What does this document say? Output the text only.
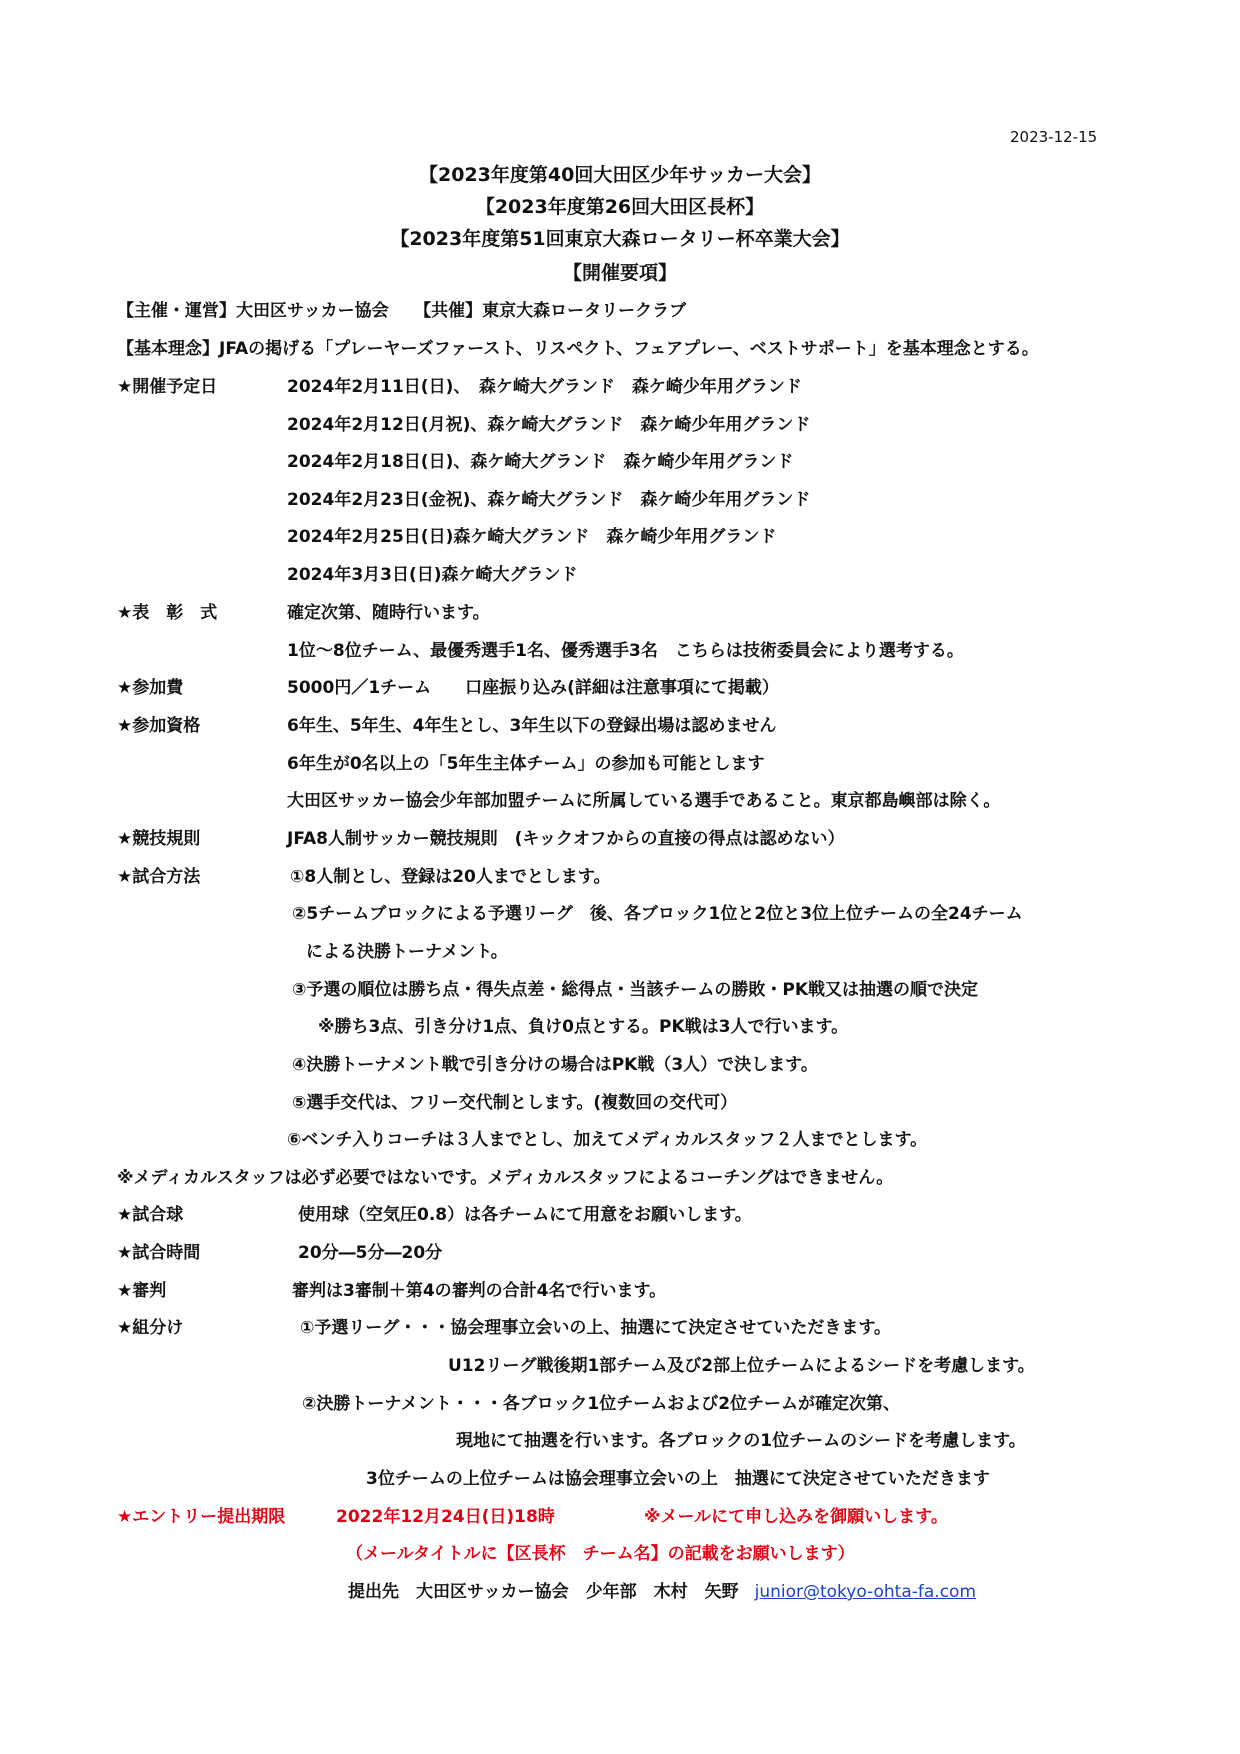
2023-12-15
【2023年度第40回大田区少年サッカー大会】
【2023年度第26回大田区長杯】
【2023年度第51回東京大森ロータリー杯卒業大会】
【開催要項】
【主催・運営】大田区サッカー協会　　【共催】東京大森ロータリークラブ
【基本理念】JFAの掲げる「プレーヤーズファースト、リスペクト、フェアプレー、ベストサポート」を基本理念とする。
★開催予定日	2024年2月11日(日)、　森ケ崎大グランド　森ケ崎少年用グランド
2024年2月12日(月祝)、森ケ崎大グランド　森ケ崎少年用グランド
2024年2月18日(日)、森ケ崎大グランド　森ケ崎少年用グランド
2024年2月23日(金祝)、森ケ崎大グランド　森ケ崎少年用グランド
2024年2月25日(日)森ケ崎大グランド　森ケ崎少年用グランド
2024年3月3日(日)森ケ崎大グランド
★表　彰　式	確定次第、随時行います。
1位～8位チーム、最優秀選手1名、優秀選手3名　こちらは技術委員会により選考する。
★参加費	5000円／1チーム　　口座振り込み(詳細は注意事項にて掲載）
★参加資格	6年生、5年生、4年生とし、3年生以下の登録出場は認めません
6年生が0名以上の「5年生主体チーム」の参加も可能とします
大田区サッカー協会少年部加盟チームに所属している選手であること。東京都島嶼部は除く。
★競技規則	JFA8人制サッカー競技規則　(キックオフからの直接の得点は認めない）
★試合方法	①8人制とし、登録は20人までとします。
②5チームブロックによる予選リーグ　後、各ブロック1位と2位と3位上位チームの全24チーム
による決勝トーナメント。
③予選の順位は勝ち点・得失点差・総得点・当該チームの勝敗・PK戦又は抽選の順で決定
※勝ち3点、引き分け1点、負け0点とする。PK戦は3人で行います。
④決勝トーナメント戦で引き分けの場合はPK戦（3人）で決します。
⑤選手交代は、フリー交代制とします。(複数回の交代可）
⑥ベンチ入りコーチは３人までとし、加えてメディカルスタッフ２人までとします。
※メディカルスタッフは必ず必要ではないです。メディカルスタッフによるコーチングはできません。
★試合球	使用球（空気圧0.8）は各チームにて用意をお願いします。
★試合時間	20分―5分―20分
★審判	審判は3審制＋第4の審判の合計4名で行います。
★組分け	①予選リーグ・・・協会理事立会いの上、抽選にて決定させていただきます。
U12リーグ戦後期1部チーム及び2部上位チームによるシードを考慮します。
②決勝トーナメント・・・各ブロック1位チームおよび2位チームが確定次第、
現地にて抽選を行います。各ブロックの1位チームのシードを考慮します。
3位チームの上位チームは協会理事立会いの上　抽選にて決定させていただきます
★エントリー提出期限	2022年12月24日(日)18時	※メールにて申し込みを御願いします。
（メールタイトルに【区長杯　チーム名】の記載をお願いします）
提出先　大田区サッカー協会　少年部　木村　矢野 junior@tokyo-ohta-fa.com
